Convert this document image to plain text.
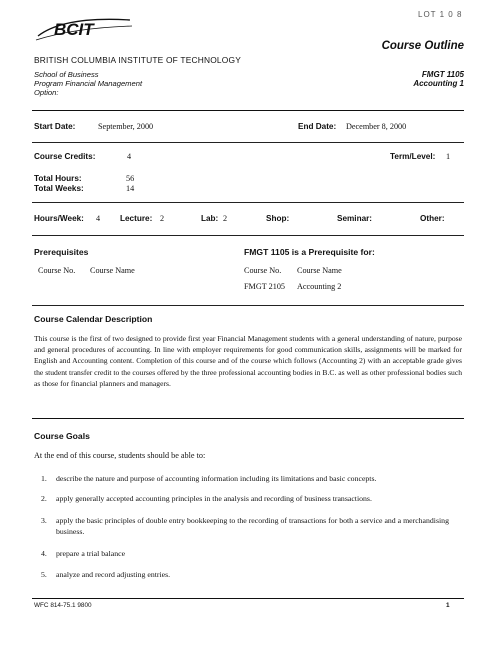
BCIT
LOT 1 0 8
BRITISH COLUMBIA INSTITUTE OF TECHNOLOGY
School of Business
Program Financial Management
Option:
Course Outline
FMGT 1105
Accounting 1
Start Date:	September, 2000	End Date: December 8, 2000
Course Credits:	4	Term/Level: 1
Total Hours:	56
Total Weeks:	14
Hours/Week: 4 Lecture: 2	Lab: 2	Shop:	Seminar:	Other:
Prerequisites
Course No. Course Name
FMGT 1105 is a Prerequisite for:
Course No. Course Name
FMGT 2105 Accounting 2
Course Calendar Description
This course is the first of two designed to provide first year Financial Management students with a general understanding of nature, purpose and general procedures of accounting. In line with employer requirements for good communication skills, assignments will be marked for English and Accounting content. Completion of this course and of the course which follows (Accounting 2) with an acceptable grade gives the student transfer credit to the courses offered by the three professional accounting bodies in B.C. as well as other professional bodies such as those for financial planners and managers.
Course Goals
At the end of this course, students should be able to:
1. describe the nature and purpose of accounting information including its limitations and basic concepts.
2. apply generally accepted accounting principles in the analysis and recording of business transactions.
3. apply the basic principles of double entry bookkeeping to the recording of transactions for both a service and a merchandising business.
4. prepare a trial balance
5. analyze and record adjusting entries.
WFC 814-75.1 9800	1
